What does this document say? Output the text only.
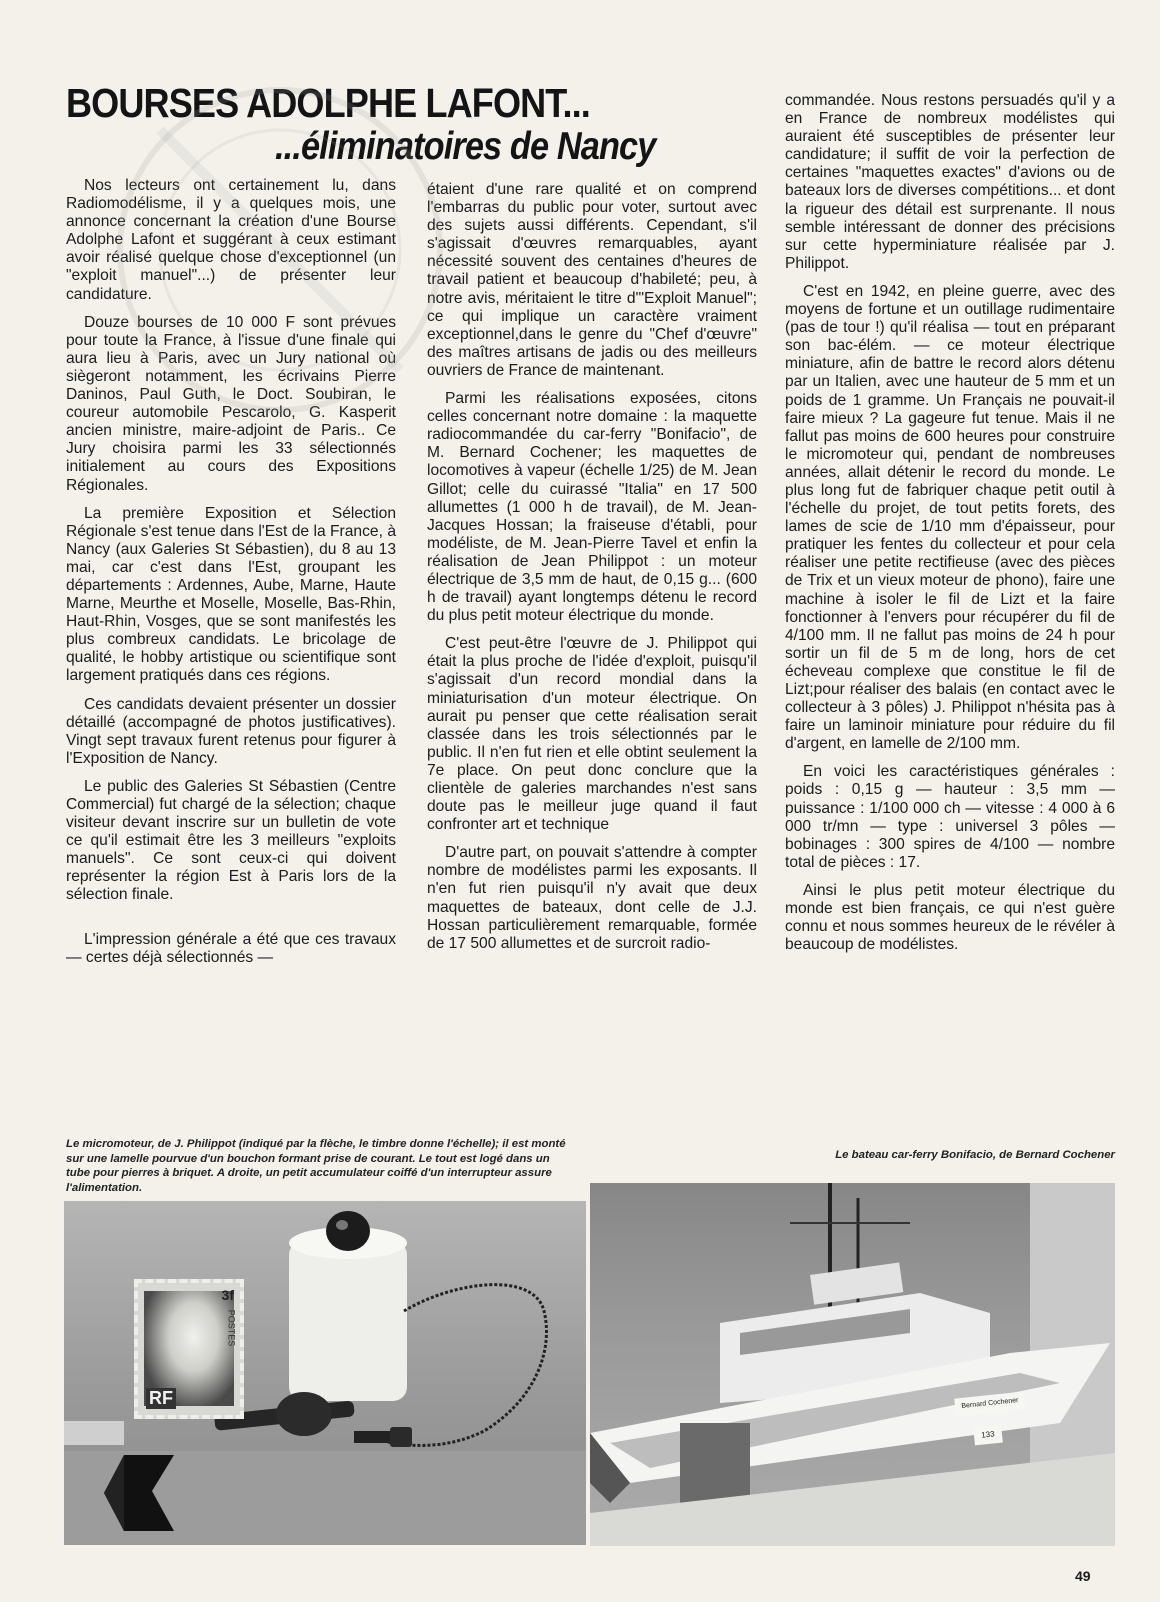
BOURSES ADOLPHE LAFONT...
...éliminatoires de Nancy

Nos lecteurs ont certainement lu, dans Radiomodélisme, il y a quelques mois, une annonce concernant la création d'une Bourse Adolphe Lafont et suggérant à ceux estimant avoir réalisé quelque chose d'exceptionnel (un "exploit manuel"...) de présenter leur candidature.

Douze bourses de 10 000 F sont prévues pour toute la France, à l'issue d'une finale qui aura lieu à Paris, avec un Jury national où siègeront notamment, les écrivains Pierre Daninos, Paul Guth, le Doct. Soubiran, le coureur automobile Pescarolo, G. Kasperit ancien ministre, maire-adjoint de Paris.. Ce Jury choisira parmi les 33 sélectionnés initialement au cours des Expositions Régionales.

La première Exposition et Sélection Régionale s'est tenue dans l'Est de la France, à Nancy (aux Galeries St Sébastien), du 8 au 13 mai, car c'est dans l'Est, groupant les départements : Ardennes, Aube, Marne, Haute Marne, Meurthe et Moselle, Moselle, Bas-Rhin, Haut-Rhin, Vosges, que se sont manifestés les plus combreux candidats. Le bricolage de qualité, le hobby artistique ou scientifique sont largement pratiqués dans ces régions.

Ces candidats devaient présenter un dossier détaillé (accompagné de photos justificatives). Vingt sept travaux furent retenus pour figurer à l'Exposition de Nancy.

Le public des Galeries St Sébastien (Centre Commercial) fut chargé de la sélection; chaque visiteur devant inscrire sur un bulletin de vote ce qu'il estimait être les 3 meilleurs "exploits manuels". Ce sont ceux-ci qui doivent représenter la région Est à Paris lors de la sélection finale.

L'impression générale a été que ces travaux — certes déjà sélectionnés —

étaient d'une rare qualité et on comprend l'embarras du public pour voter, surtout avec des sujets aussi différents. Cependant, s'il s'agissait d'œuvres remarquables, ayant nécessité souvent des centaines d'heures de travail patient et beaucoup d'habileté; peu, à notre avis, méritaient le titre d'"Exploit Manuel"; ce qui implique un caractère vraiment exceptionnel,dans le genre du "Chef d'œuvre" des maîtres artisans de jadis ou des meilleurs ouvriers de France de maintenant.

Parmi les réalisations exposées, citons celles concernant notre domaine : la maquette radiocommandée du car-ferry "Bonifacio", de M. Bernard Cochener; les maquettes de locomotives à vapeur (échelle 1/25) de M. Jean Gillot; celle du cuirassé "Italia" en 17 500 allumettes (1 000 h de travail), de M. Jean-Jacques Hossan; la fraiseuse d'établi, pour modéliste, de M. Jean-Pierre Tavel et enfin la réalisation de Jean Philippot : un moteur électrique de 3,5 mm de haut, de 0,15 g... (600 h de travail) ayant longtemps détenu le record du plus petit moteur électrique du monde.

C'est peut-être l'œuvre de J. Philippot qui était la plus proche de l'idée d'exploit, puisqu'il s'agissait d'un record mondial dans la miniaturisation d'un moteur électrique. On aurait pu penser que cette réalisation serait classée dans les trois sélectionnés par le public. Il n'en fut rien et elle obtint seulement la 7e place. On peut donc conclure que la clientèle de galeries marchandes n'est sans doute pas le meilleur juge quand il faut confronter art et technique

D'autre part, on pouvait s'attendre à compter nombre de modélistes parmi les exposants. Il n'en fut rien puisqu'il n'y avait que deux maquettes de bateaux, dont celle de J.J. Hossan particulièrement remarquable, formée de 17 500 allumettes et de surcroit radio-

commandée. Nous restons persuadés qu'il y a en France de nombreux modélistes qui auraient été susceptibles de présenter leur candidature; il suffit de voir la perfection de certaines "maquettes exactes" d'avions ou de bateaux lors de diverses compétitions... et dont la rigueur des détail est surprenante. Il nous semble intéressant de donner des précisions sur cette hyperminiature réalisée par J. Philippot.

C'est en 1942, en pleine guerre, avec des moyens de fortune et un outillage rudimentaire (pas de tour !) qu'il réalisa — tout en préparant son bac-élém. — ce moteur électrique miniature, afin de battre le record alors détenu par un Italien, avec une hauteur de 5 mm et un poids de 1 gramme. Un Français ne pouvait-il faire mieux ? La gageure fut tenue. Mais il ne fallut pas moins de 600 heures pour construire le micromoteur qui, pendant de nombreuses années, allait détenir le record du monde. Le plus long fut de fabriquer chaque petit outil à l'échelle du projet, de tout petits forets, des lames de scie de 1/10 mm d'épaisseur, pour pratiquer les fentes du collecteur et pour cela réaliser une petite rectifieuse (avec des pièces de Trix et un vieux moteur de phono), faire une machine à isoler le fil de Lizt et la faire fonctionner à l'envers pour récupérer du fil de 4/100 mm. Il ne fallut pas moins de 24 h pour sortir un fil de 5 m de long, hors de cet écheveau complexe que constitue le fil de Lizt;pour réaliser des balais (en contact avec le collecteur à 3 pôles) J. Philippot n'hésita pas à faire un laminoir miniature pour réduire du fil d'argent, en lamelle de 2/100 mm.

En voici les caractéristiques générales : poids : 0,15 g — hauteur : 3,5 mm — puissance : 1/100 000 ch — vitesse : 4 000 à 6 000 tr/mn — type : universel 3 pôles — bobinages : 300 spires de 4/100 — nombre total de pièces : 17.

Ainsi le plus petit moteur électrique du monde est bien français, ce qui n'est guère connu et nous sommes heureux de le révéler à beaucoup de modélistes.

Le micromoteur, de J. Philippot (indiqué par la flèche, le timbre donne l'échelle); il est monté sur une lamelle pourvue d'un bouchon formant prise de courant. Le tout est logé dans un tube pour pierres à briquet. A droite, un petit accumulateur coiffé d'un interrupteur assure l'alimentation.
Le bateau car-ferry Bonifacio, de Bernard Cochener
3f
POSTES
RF	Bernard Cochener
133
49
